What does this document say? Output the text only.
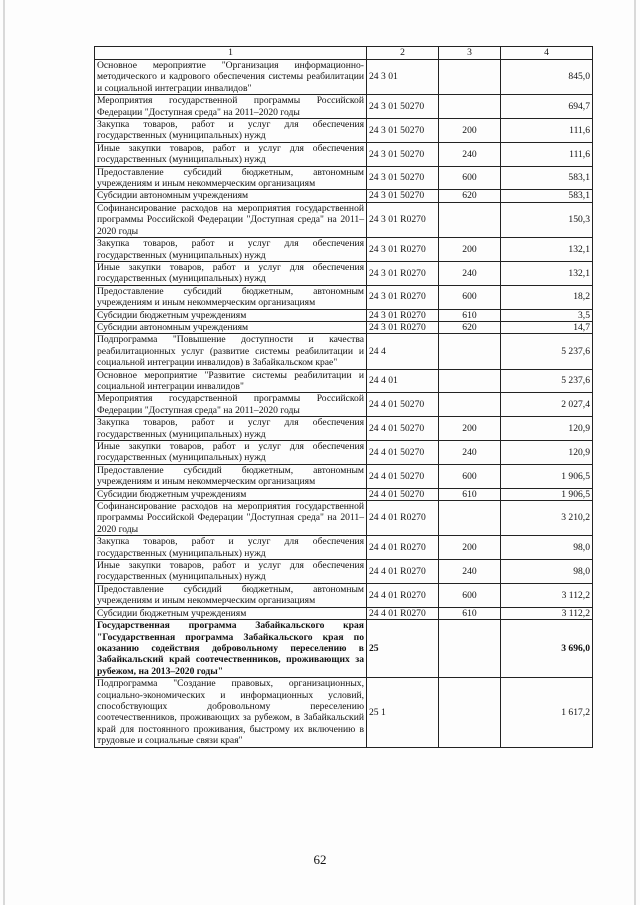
1	2	3	4
Основное мероприятие "Организация информационно-методического и кадрового обеспечения системы реабилитации и социальной интеграции инвалидов"	24 3 01		845,0
Мероприятия государственной программы Российской Федерации "Доступная среда" на 2011–2020 годы	24 3 01 50270		694,7
Закупка товаров, работ и услуг для обеспечения государственных (муниципальных) нужд	24 3 01 50270	200	111,6
Иные закупки товаров, работ и услуг для обеспечения государственных (муниципальных) нужд	24 3 01 50270	240	111,6
Предоставление субсидий бюджетным, автономным учреждениям и иным некоммерческим организациям	24 3 01 50270	600	583,1
Субсидии автономным учреждениям	24 3 01 50270	620	583,1
Софинансирование расходов на мероприятия государственной программы Российской Федерации "Доступная среда" на 2011–2020 годы	24 3 01 R0270		150,3
Закупка товаров, работ и услуг для обеспечения государственных (муниципальных) нужд	24 3 01 R0270	200	132,1
Иные закупки товаров, работ и услуг для обеспечения государственных (муниципальных) нужд	24 3 01 R0270	240	132,1
Предоставление субсидий бюджетным, автономным учреждениям и иным некоммерческим организациям	24 3 01 R0270	600	18,2
Субсидии бюджетным учреждениям	24 3 01 R0270	610	3,5
Субсидии автономным учреждениям	24 3 01 R0270	620	14,7
Подпрограмма "Повышение доступности и качества реабилитационных услуг (развитие системы реабилитации и социальной интеграции инвалидов) в Забайкальском крае"	24 4		5 237,6
Основное мероприятие "Развитие системы реабилитации и социальной интеграции инвалидов"	24 4 01		5 237,6
Мероприятия государственной программы Российской Федерации "Доступная среда" на 2011–2020 годы	24 4 01 50270		2 027,4
Закупка товаров, работ и услуг для обеспечения государственных (муниципальных) нужд	24 4 01 50270	200	120,9
Иные закупки товаров, работ и услуг для обеспечения государственных (муниципальных) нужд	24 4 01 50270	240	120,9
Предоставление субсидий бюджетным, автономным учреждениям и иным некоммерческим организациям	24 4 01 50270	600	1 906,5
Субсидии бюджетным учреждениям	24 4 01 50270	610	1 906,5
Софинансирование расходов на мероприятия государственной программы Российской Федерации "Доступная среда" на 2011–2020 годы	24 4 01 R0270		3 210,2
Закупка товаров, работ и услуг для обеспечения государственных (муниципальных) нужд	24 4 01 R0270	200	98,0
Иные закупки товаров, работ и услуг для обеспечения государственных (муниципальных) нужд	24 4 01 R0270	240	98,0
Предоставление субсидий бюджетным, автономным учреждениям и иным некоммерческим организациям	24 4 01 R0270	600	3 112,2
Субсидии бюджетным учреждениям	24 4 01 R0270	610	3 112,2
Государственная программа Забайкальского края "Государственная программа Забайкальского края по оказанию содействия добровольному переселению в Забайкальский край соотечественников, проживающих за рубежом, на 2013–2020 годы"	25		3 696,0
Подпрограмма "Создание правовых, организационных, социально-экономических и информационных условий, способствующих добровольному переселению соотечественников, проживающих за рубежом, в Забайкальский край для постоянного проживания, быстрому их включению в трудовые и социальные связи края"	25 1		1 617,2
62
